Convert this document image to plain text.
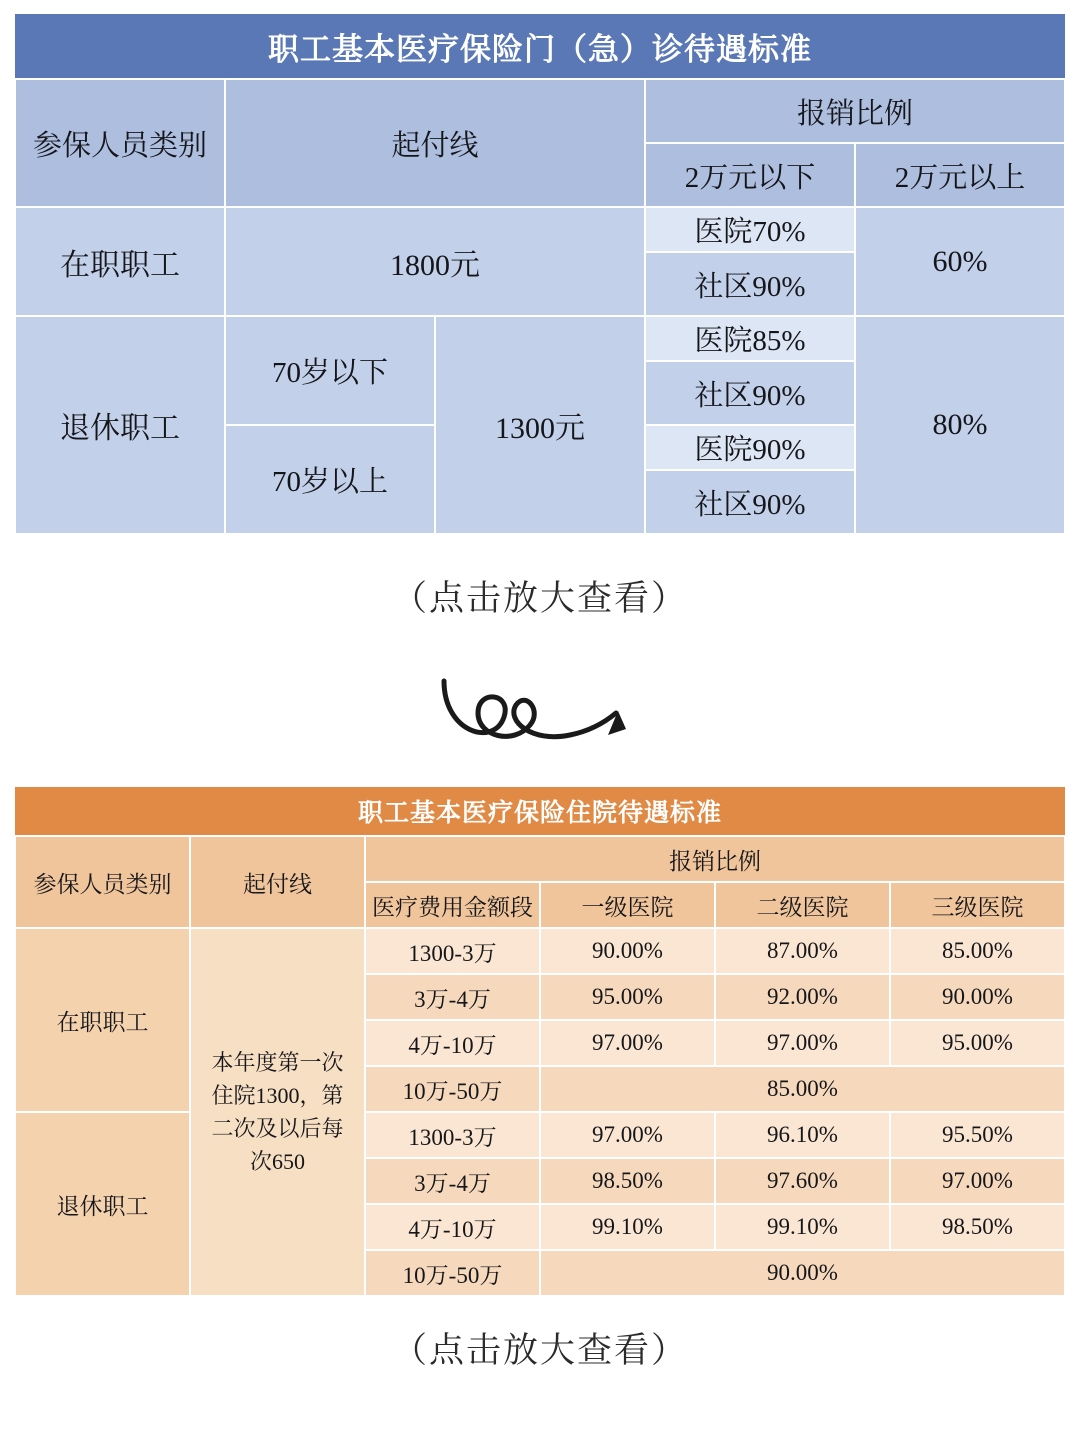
职工基本医疗保险门（急）诊待遇标准				
参保人员类别	起付线		报销比例	
			2万元以下	2万元以上
在职职工	1800元		医院70%	60%
			社区90%	
退休职工	70岁以下	1300元	医院85%	80%
			社区90%	
	70岁以上		医院90%	
			社区90%	
（点击放大查看）
职工基本医疗保险住院待遇标准					
参保人员类别	起付线	报销比例			
		医疗费用金额段	一级医院	二级医院	三级医院
在职职工	本年度第一次住院1300，第二次及以后每次650	1300-3万	90.00%	87.00%	85.00%
		3万-4万	95.00%	92.00%	90.00%
		4万-10万	97.00%	97.00%	95.00%
		10万-50万	85.00%		
退休职工		1300-3万	97.00%	96.10%	95.50%
		3万-4万	98.50%	97.60%	97.00%
		4万-10万	99.10%	99.10%	98.50%
		10万-50万	90.00%		
（点击放大查看）
